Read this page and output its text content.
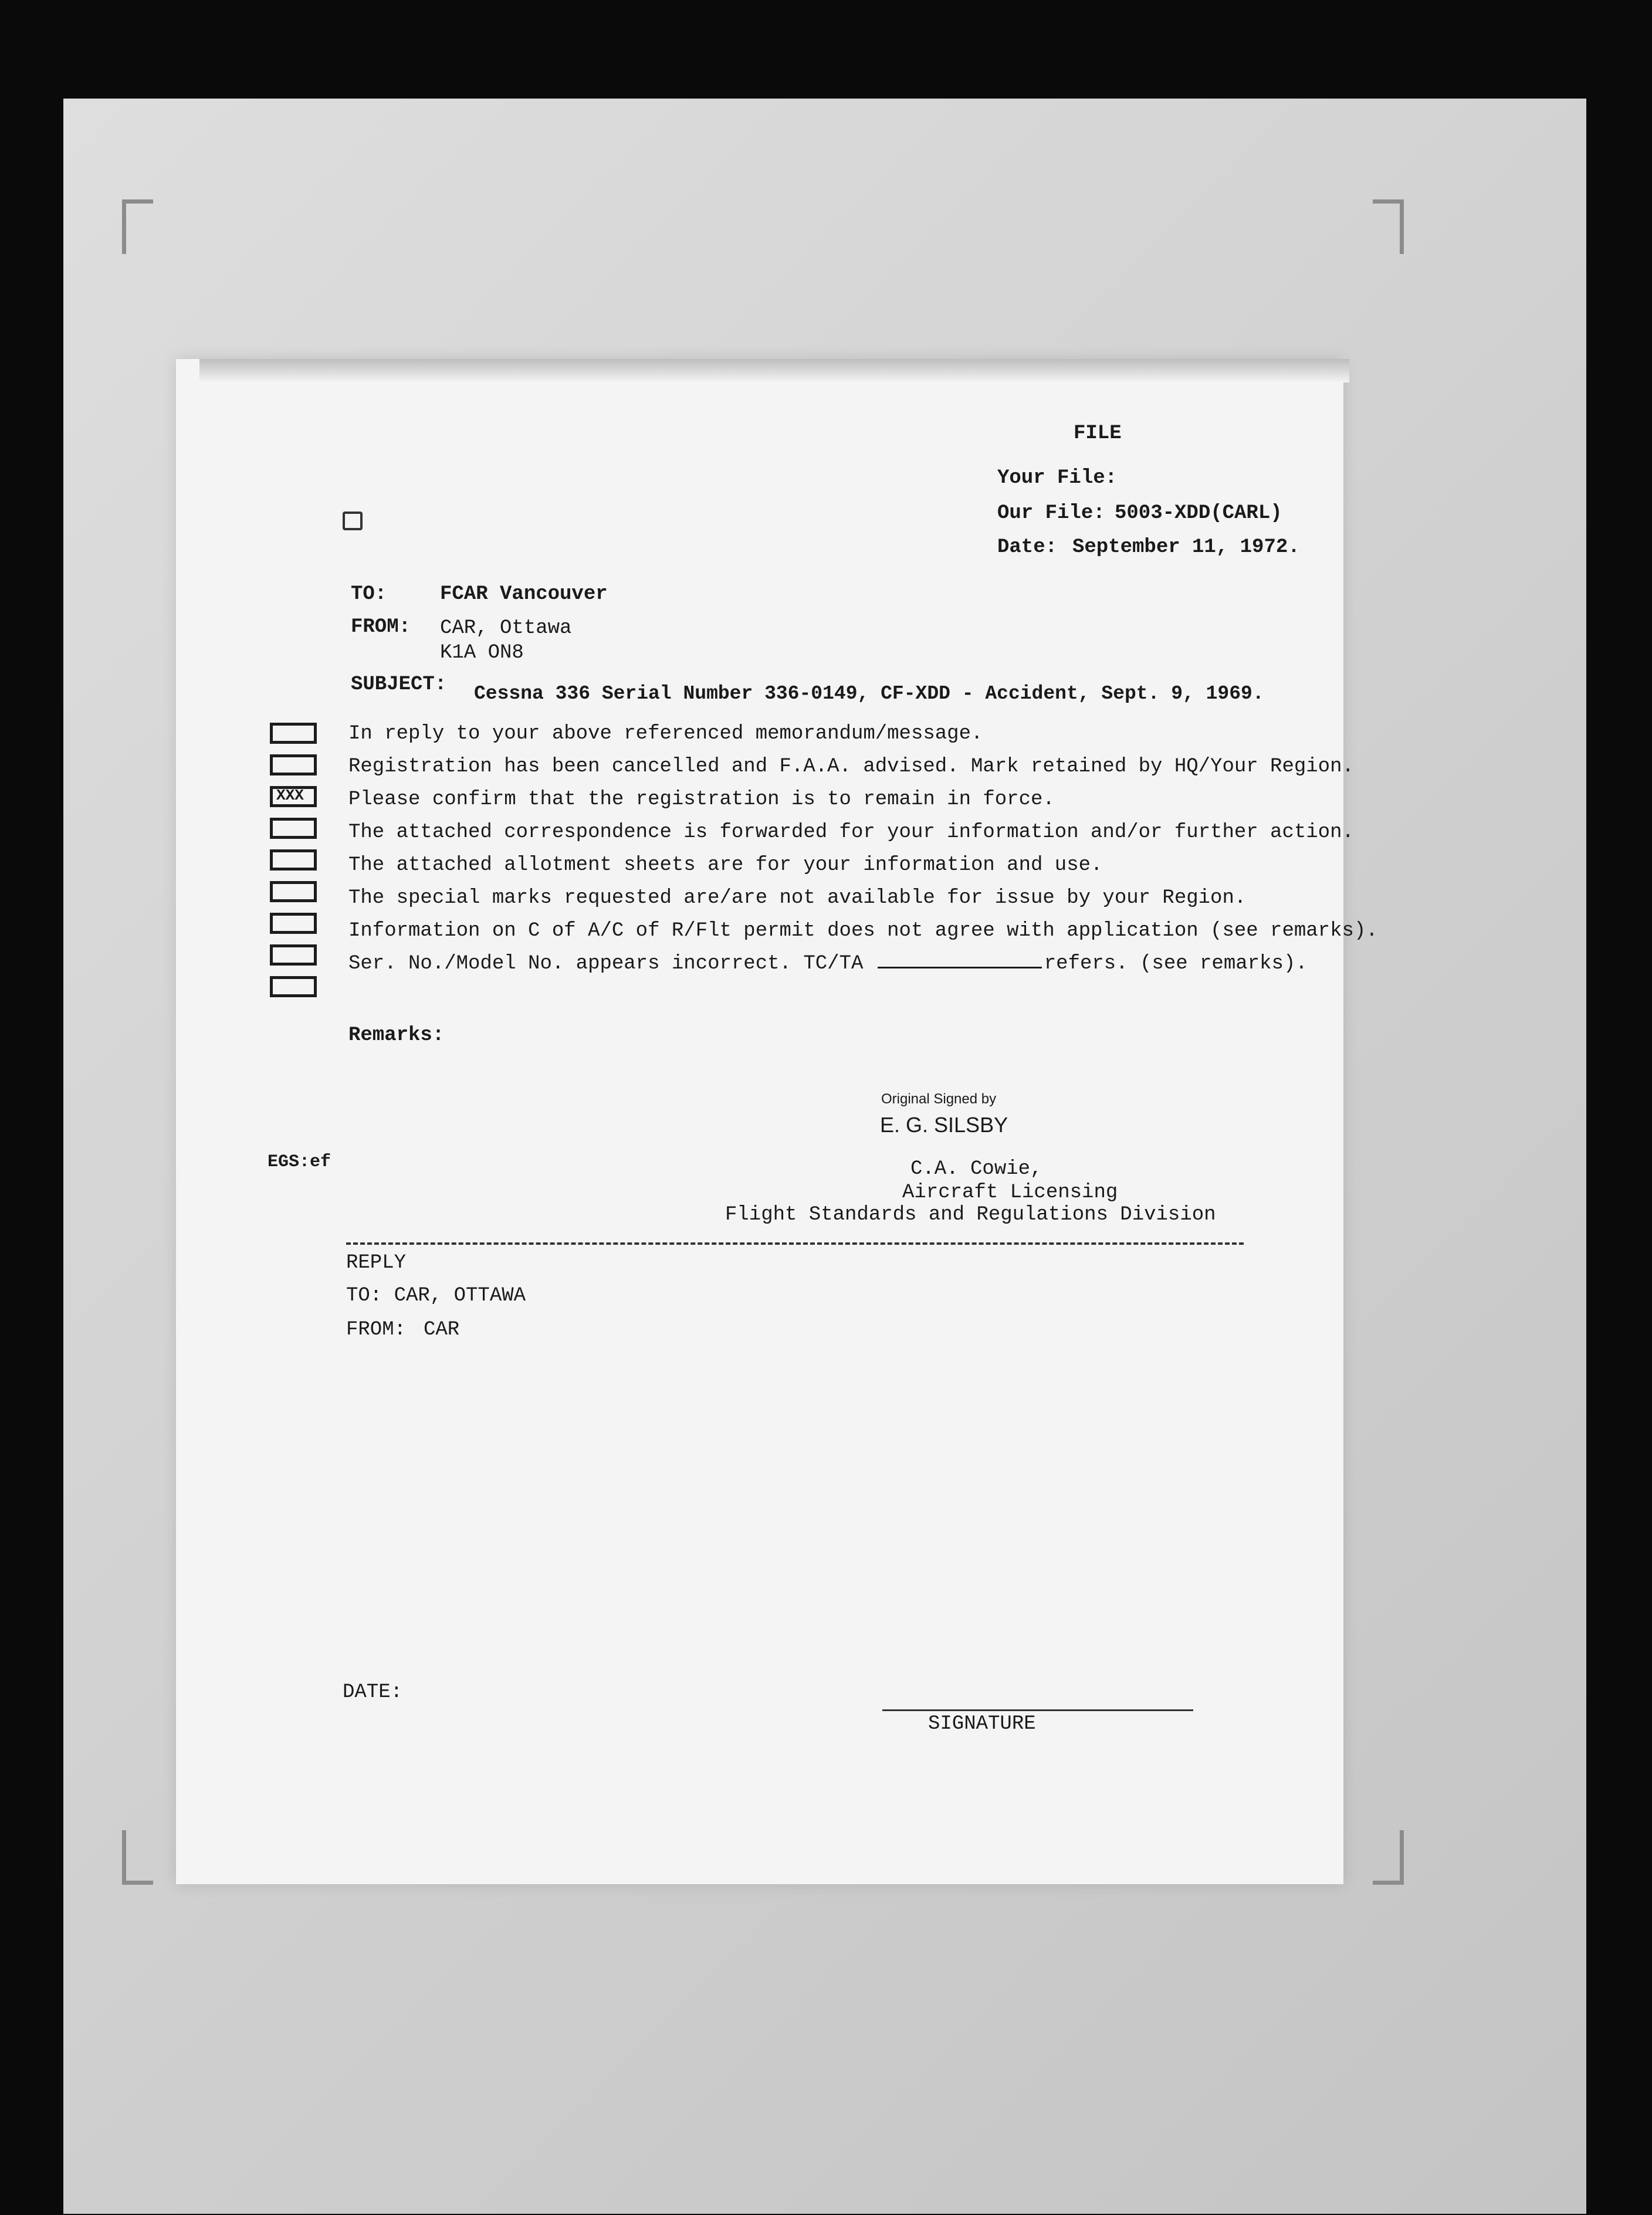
FILE
Your File:
Our File: 5003-XDD(CARL)
Date: September 11, 1972.
TO:	FCAR Vancouver
FROM: CAR, Ottawa
K1A ON8
SUBJECT: Cessna 336 Serial Number 336-0149, CF-XDD - Accident, Sept. 9, 1969.
XXX
In reply to your above referenced memorandum/message.
Registration has been cancelled and F.A.A. advised. Mark retained by HQ/Your Region.
Please confirm that the registration is to remain in force.
The attached correspondence is forwarded for your information and/or further action.
The attached allotment sheets are for your information and use.
The special marks requested are/are not available for issue by your Region.
Information on C of A/C of R/Flt permit does not agree with application (see remarks).
Ser. No./Model No. appears incorrect. TC/TA	refers. (see remarks).
Remarks:
Original Signed by
E. G. SILSBY
EGS:ef	C.A. Cowie,
Aircraft Licensing
Flight Standards and Regulations Division
REPLY
TO: CAR, OTTAWA
FROM: CAR
DATE:
SIGNATURE
